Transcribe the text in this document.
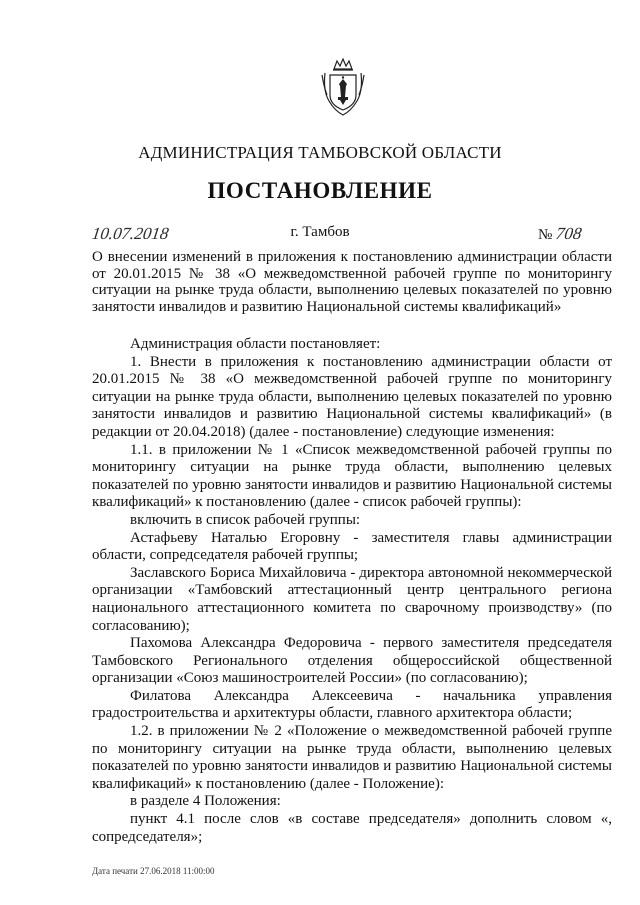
АДМИНИСТРАЦИЯ ТАМБОВСКОЙ ОБЛАСТИ
ПОСТАНОВЛЕНИЕ
10.07.2018	г. Тамбов	№ 708
О внесении изменений в приложения к постановлению администрации области от 20.01.2015 № 38 «О межведомственной рабочей группе по мониторингу ситуации на рынке труда области, выполнению целевых показателей по уровню занятости инвалидов и развитию Национальной системы квалификаций»

Администрация области постановляет:

1. Внести в приложения к постановлению администрации области от 20.01.2015 № 38 «О межведомственной рабочей группе по мониторингу ситуации на рынке труда области, выполнению целевых показателей по уровню занятости инвалидов и развитию Национальной системы квалификаций» (в редакции от 20.04.2018) (далее - постановление) следующие изменения:

1.1. в приложении № 1 «Список межведомственной рабочей группы по мониторингу ситуации на рынке труда области, выполнению целевых показателей по уровню занятости инвалидов и развитию Национальной системы квалификаций» к постановлению (далее - список рабочей группы):

включить в список рабочей группы:

Астафьеву Наталью Егоровну - заместителя главы администрации области, сопредседателя рабочей группы;

Заславского Бориса Михайловича - директора автономной некоммерческой организации «Тамбовский аттестационный центр центрального региона национального аттестационного комитета по сварочному производству» (по согласованию);

Пахомова Александра Федоровича - первого заместителя председателя Тамбовского Регионального отделения общероссийской общественной организации «Союз машиностроителей России» (по согласованию);

Филатова Александра Алексеевича - начальника управления градостроительства и архитектуры области, главного архитектора области;

1.2. в приложении № 2 «Положение о межведомственной рабочей группе по мониторингу ситуации на рынке труда области, выполнению целевых показателей по уровню занятости инвалидов и развитию Национальной системы квалификаций» к постановлению (далее - Положение):

в разделе 4 Положения:

пункт 4.1 после слов «в составе председателя» дополнить словом «, сопредседателя»;

Дата печати 27.06.2018 11:00:00
